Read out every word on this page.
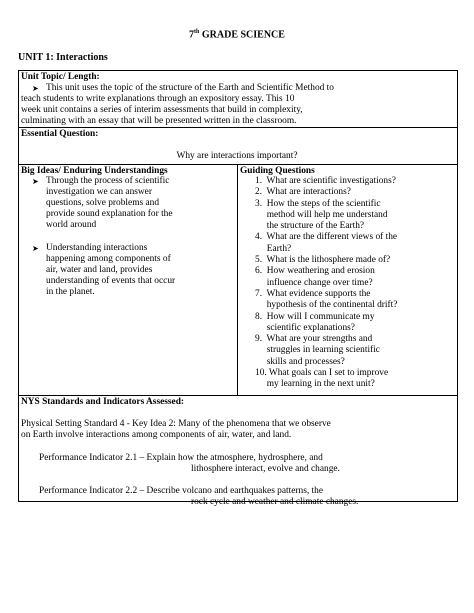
7th GRADE SCIENCE
UNIT 1: Interactions
Unit Topic/ Length:
➤ This unit uses the topic of the structure of the Earth and Scientific Method to
teach students to write explanations through an expository essay. This 10
week unit contains a series of interim assessments that build in complexity,
culminating with an essay that will be presented written in the classroom.
Essential Question:
Why are interactions important?
Big Ideas/ Enduring Understandings
➤ Through the process of scientific
investigation we can answer
questions, solve problems and
provide sound explanation for the
world around
➤ Understanding interactions
happening among components of
air, water and land, provides
understanding of events that occur
in the planet.
Guiding Questions
1.  What are scientific investigations?
2.  What are interactions?
3.  How the steps of the scientific
method will help me understand
the structure of the Earth?
4.  What are the different views of the
Earth?
5.  What is the lithosphere made of?
6.  How weathering and erosion
influence change over time?
7.  What evidence supports the
hypothesis of the continental drift?
8.  How will I communicate my
scientific explanations?
9.  What are your strengths and
struggles in learning scientific
skills and processes?
10. What goals can I set to improve
my learning in the next unit?
NYS Standards and Indicators Assessed:
Physical Setting Standard 4 - Key Idea 2: Many of the phenomena that we observe
on Earth involve interactions among components of air, water, and land.
Performance Indicator 2.1 – Explain how the atmosphere, hydrosphere, and
lithosphere interact, evolve and change.
Performance Indicator 2.2 – Describe volcano and earthquakes patterns, the
rock cycle and weather and climate changes.
